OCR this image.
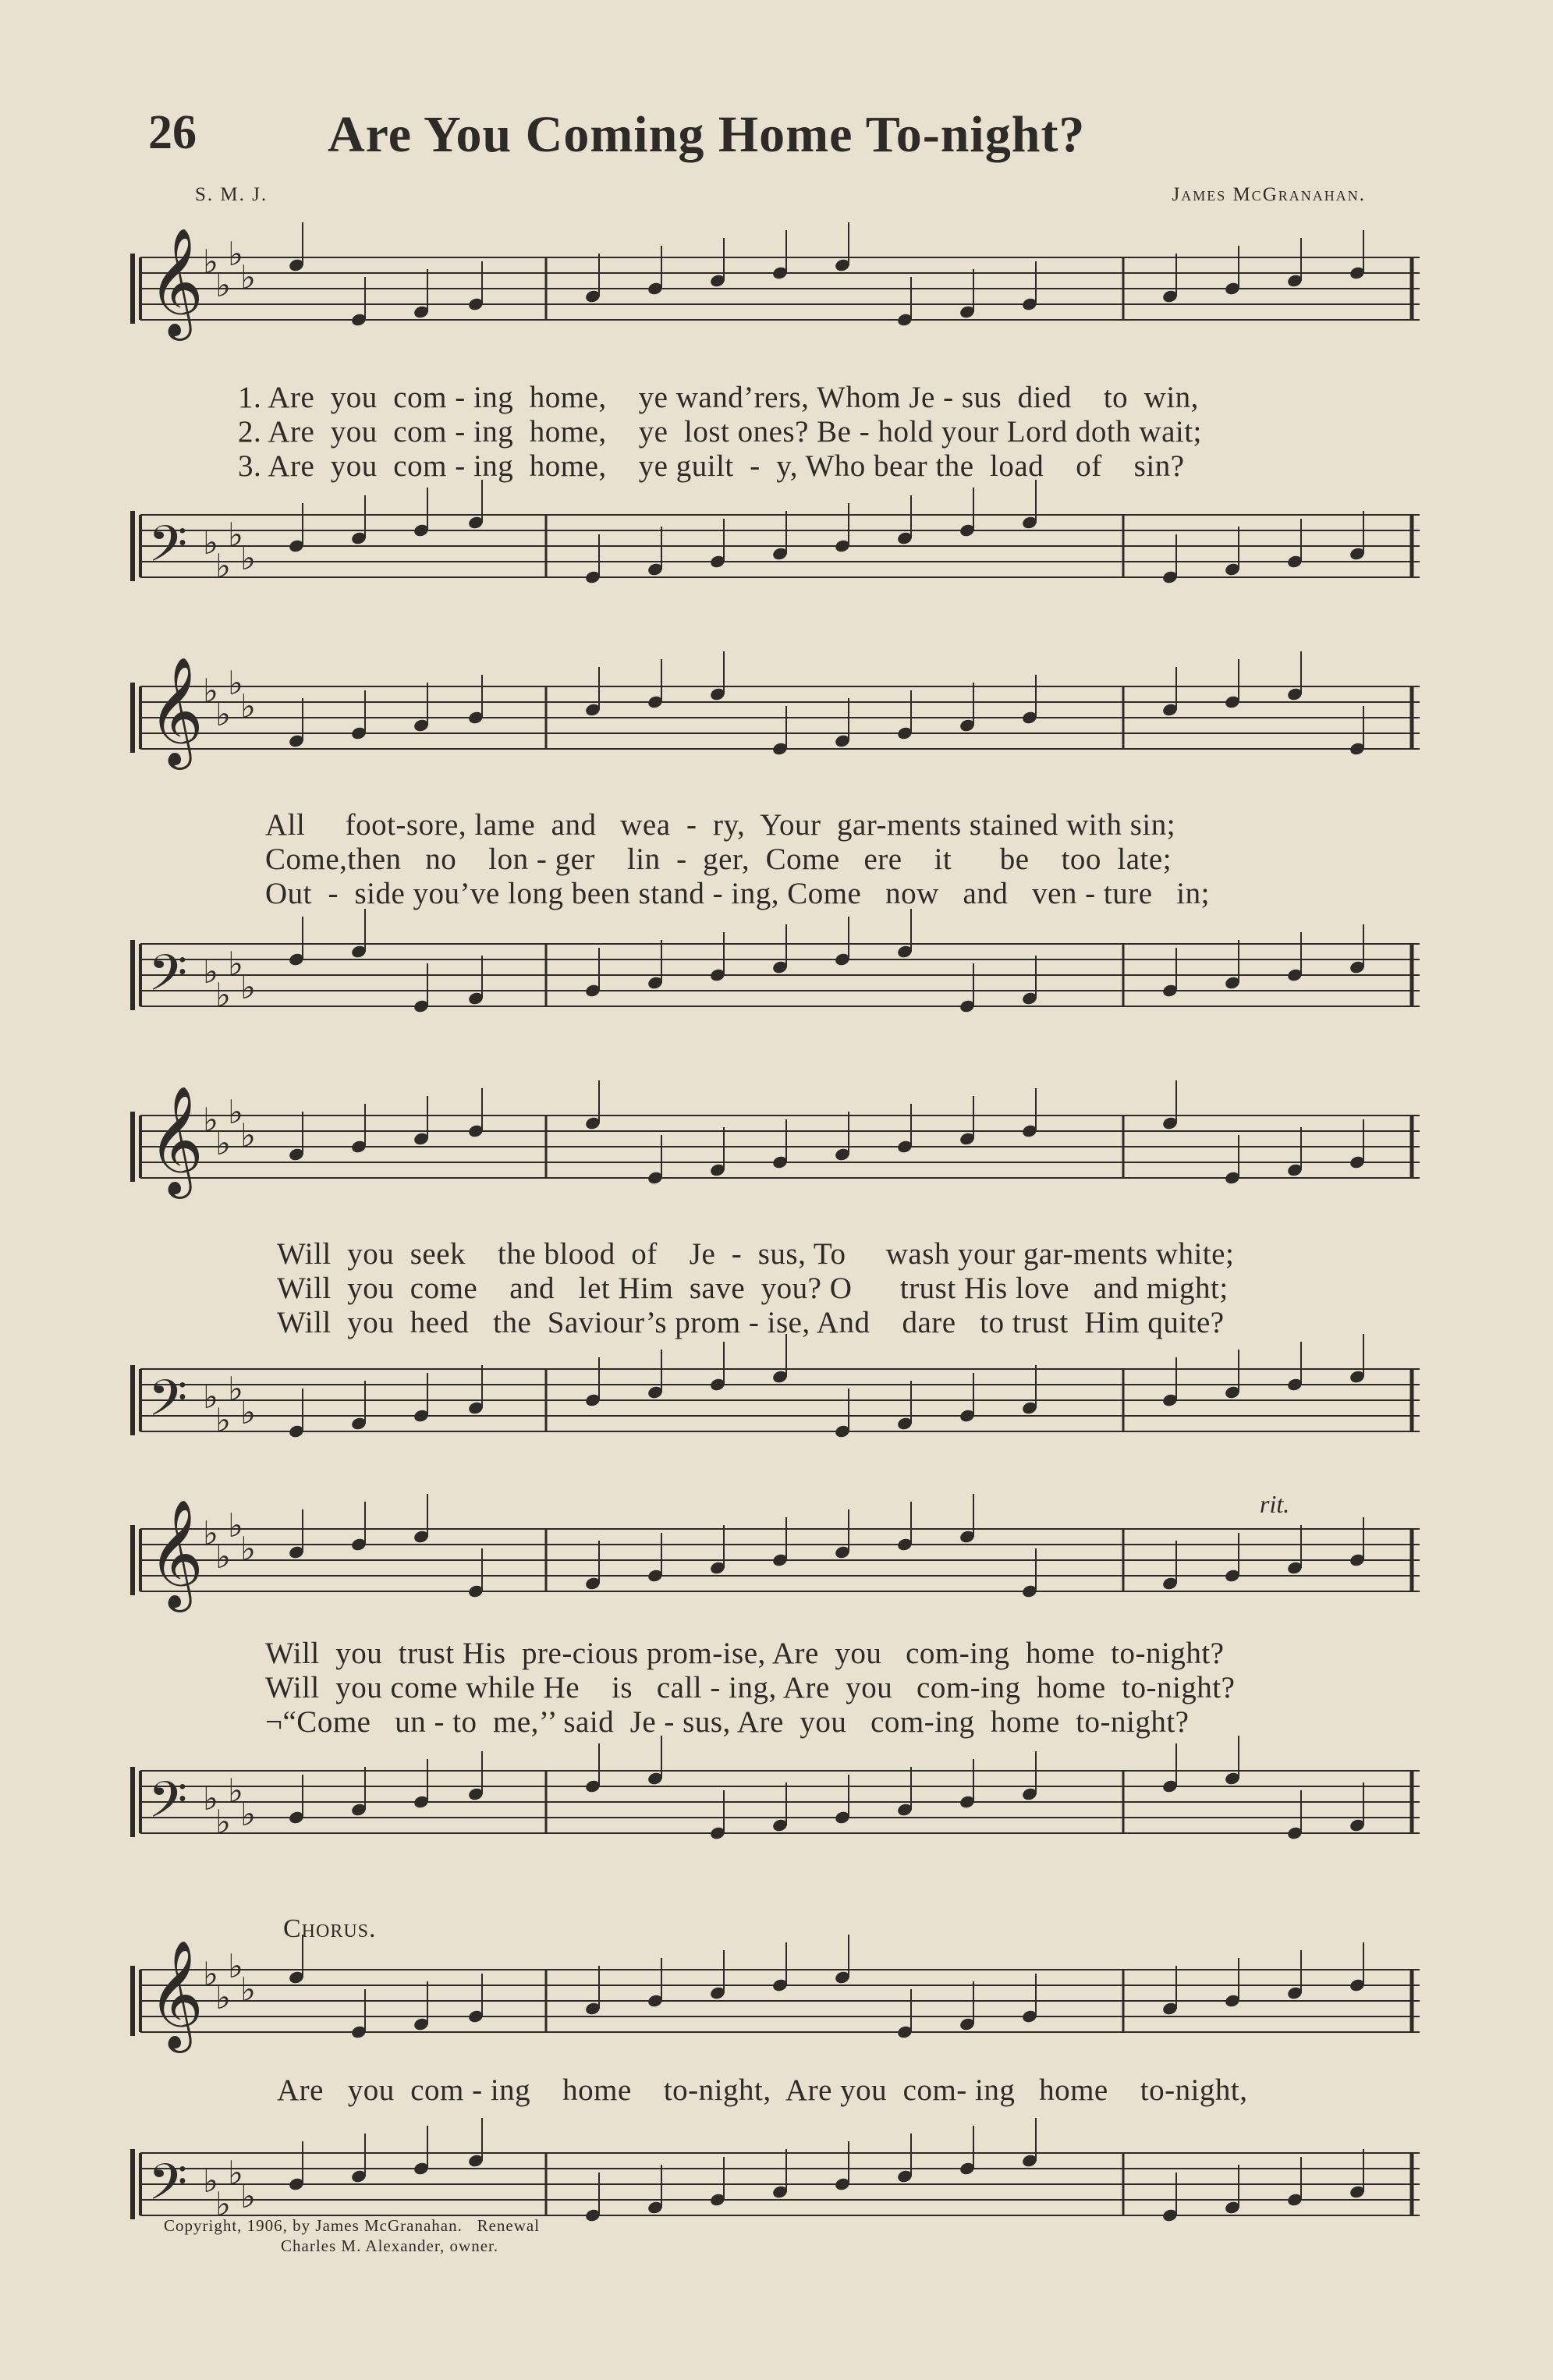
26	Are You Coming Home To-night?
S. M. J.	James McGranahan.
𝄞 ♭
♭
♭
♭
1. Are  you  com - ing  home,    ye wand’rers, Whom Je - sus  died    to  win,
2. Are  you  com - ing  home,    ye  lost ones? Be - hold your Lord doth wait;
3. Are  you  com - ing  home,    ye guilt  -  y, Who bear the  load    of    sin?
𝄢 ♭
♭
♭
♭
𝄞 ♭
♭
♭
♭
All     foot-sore, lame  and   wea  -  ry,  Your  gar-ments stained with sin;
Come,then   no    lon - ger    lin  -  ger,  Come   ere    it      be    too  late;
Out  -  side you’ve long been stand - ing, Come   now   and   ven - ture   in;
𝄢 ♭
♭
♭
♭
𝄞 ♭
♭
♭
♭
Will  you  seek    the blood  of    Je  -  sus, To     wash your gar-ments white;
Will  you  come    and   let Him  save  you? O      trust His love   and might;
Will  you  heed   the  Saviour’s prom - ise, And    dare   to trust  Him quite?
𝄢 ♭
♭
♭
♭
rit.
𝄞 ♭
♭
♭
♭
Will  you  trust His  pre-cious prom-ise, Are  you   com-ing  home  to-night?
Will  you come while He    is   call - ing, Are  you   com-ing  home  to-night?
¬“Come   un - to  me,’’ said  Je - sus, Are  you   com-ing  home  to-night?
𝄢 ♭
♭
♭
♭
Chorus.
𝄞 ♭
♭
♭
♭
Are   you  com - ing    home    to-night,  Are you  com- ing   home    to-night,
𝄢 ♭
♭
♭
♭
Copyright, 1906, by James McGranahan.   Renewal
Charles M. Alexander, owner.
